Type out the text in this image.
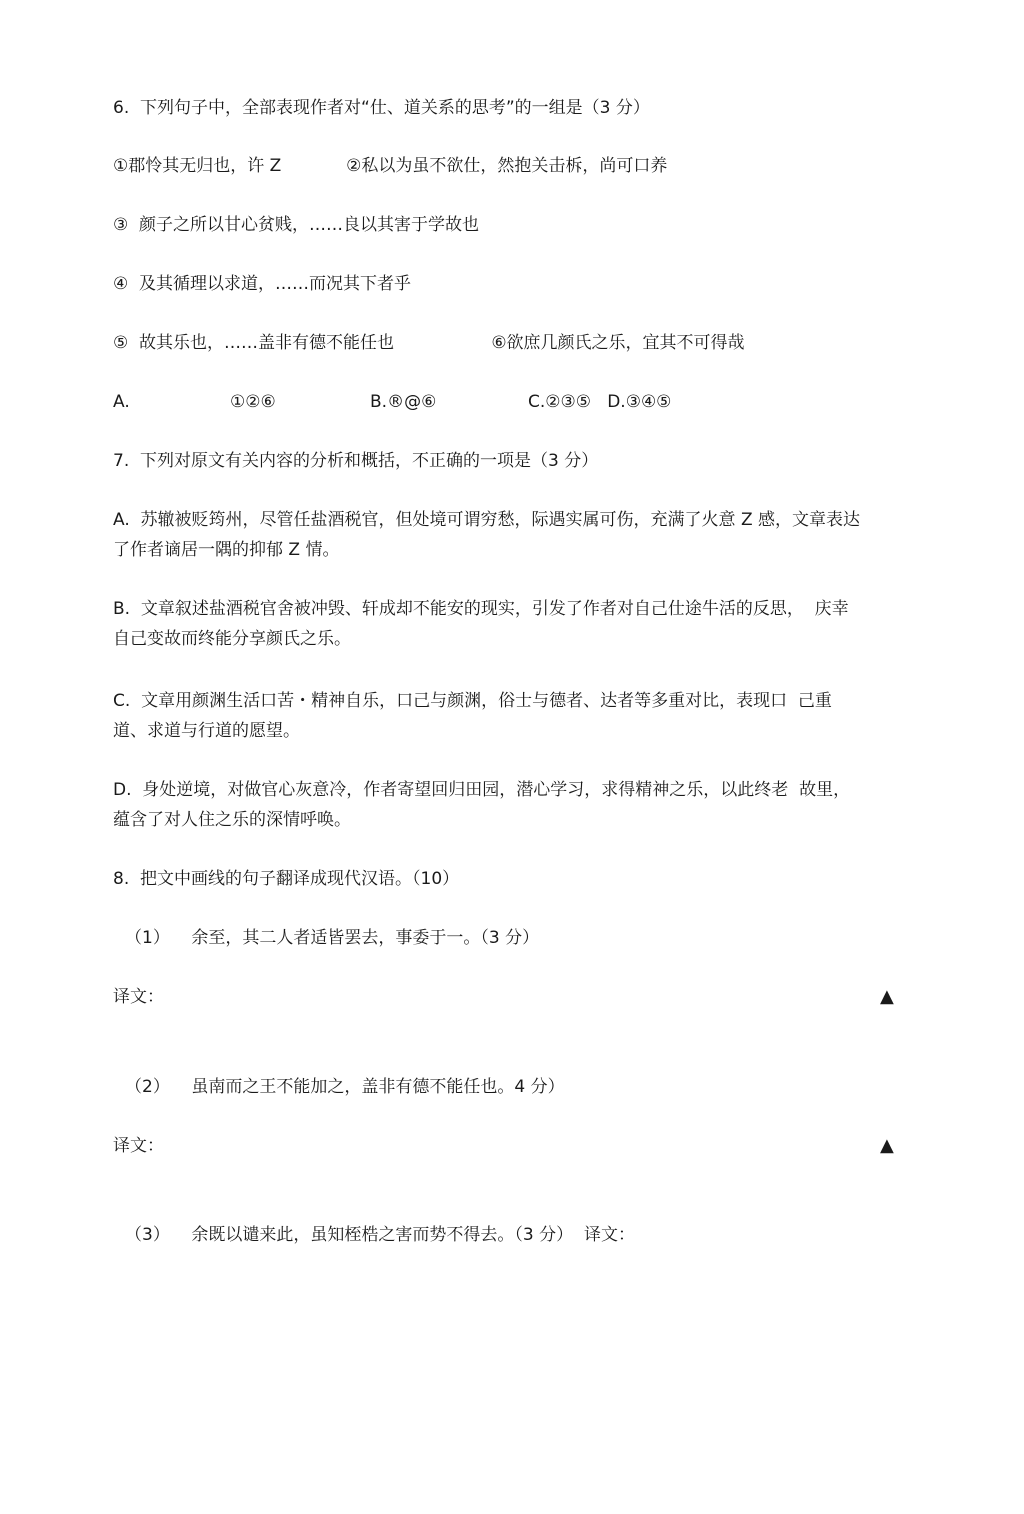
6.  下列句子中，全部表现作者对“仕、道关系的思考”的一组是（3 分）
①郡怜其无归也，许 Z            ②私以为虽不欲仕，然抱关击柝，尚可口养
③  颜子之所以甘心贫贱，……良以其害于学故也
④  及其循理以求道，……而况其下者乎
⑤  故其乐也，……盖非有德不能任也                  ⑥欲庶几颜氏之乐，宜其不可得哉
A.	①②⑥	B.®@⑥	C.②③⑤   D.③④⑤
7.  下列对原文有关内容的分析和概括，不正确的一项是（3 分）
A.  苏辙被贬筠州，尽管任盐酒税官，但处境可谓穷愁，际遇实属可伤，充满了火意 Z 感，文章表达
了作者谪居一隅的抑郁 Z 情。
B.  文章叙述盐酒税官舍被冲毁、轩成却不能安的现实，引发了作者对自己仕途牛活的反思，  庆幸
自己变故而终能分享颜氏之乐。
C.  文章用颜渊生活口苦・精神自乐，口己与颜渊，俗士与德者、达者等多重对比，表现口  己重
道、求道与行道的愿望。
D.  身处逆境，对做官心灰意冷，作者寄望回归田园，潜心学习，求得精神之乐，以此终老  故里，
蕴含了对人住之乐的深情呼唤。
8.  把文中画线的句子翻译成现代汉语。（10）
（1）    余至，其二人者适皆罢去，事委于一。（3 分）
译文：	▲
（2）    虽南而之王不能加之，盖非有德不能任也。4 分）
译文：	▲
（3）    余既以谴来此，虽知桎梏之害而势不得去。（3 分）  译文：
